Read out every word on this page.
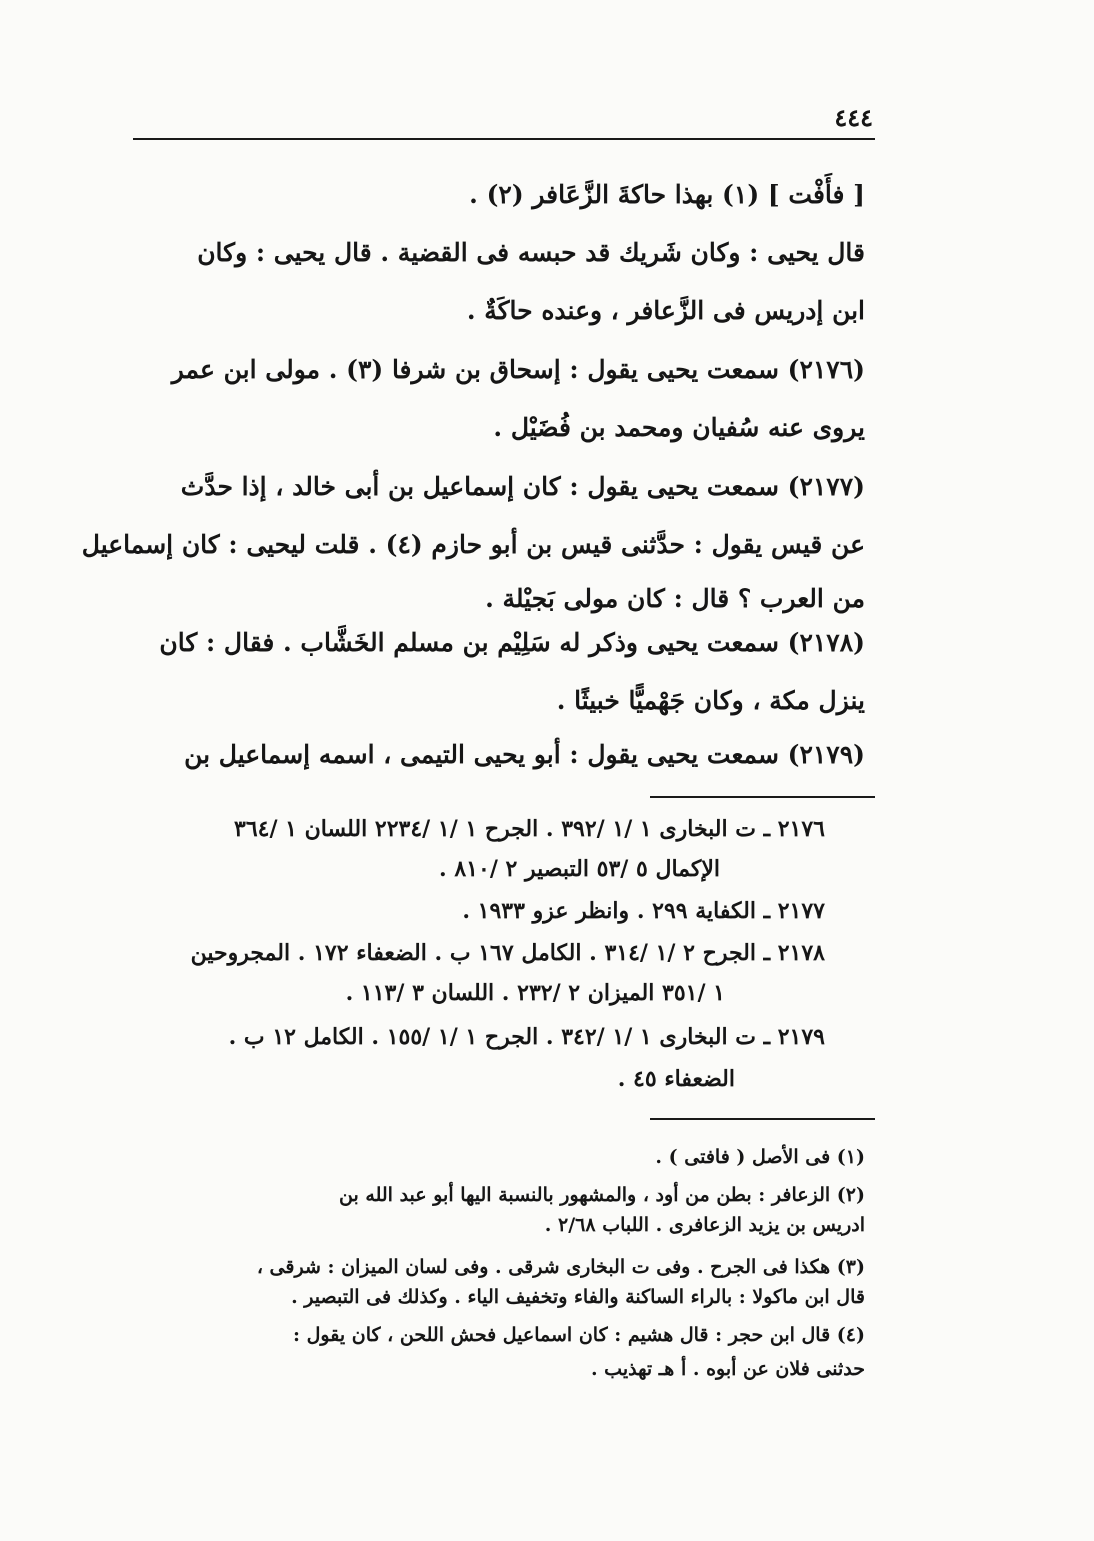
٤٤٤
[ فأَفْت ] (١) بهذا حاكةَ الزَّعَافر (٢) .
قال يحيى : وكان شَريك قد حبسه فى القضية . قال يحيى : وكان
ابن إدريس فى الزَّعافر ، وعنده حاكَةٌ .
(٢١٧٦) سمعت يحيى يقول : إسحاق بن شرفا (٣) . مولى ابن عمر
يروى عنه سُفيان ومحمد بن فُضَيْل .
(٢١٧٧) سمعت يحيى يقول : كان إسماعيل بن أبى خالد ، إذا حدَّث
عن قيس يقول : حدَّثنى قيس بن أبو حازم (٤) . قلت ليحيى : كان إسماعيل
من العرب ؟ قال : كان مولى بَجيْلة .
(٢١٧٨) سمعت يحيى وذكر له سَلِيْم بن مسلم الخَشَّاب . فقال : كان
ينزل مكة ، وكان جَهْميًّا خبيثًا .
(٢١٧٩) سمعت يحيى يقول : أبو يحيى التيمى ، اسمه إسماعيل بن
٢١٧٦ ـ ت البخارى ١ /١ /٣٩٢ . الجرح ١ /١ /٢٢٣٤ اللسان ١ /٣٦٤
الإكمال ٥ /٥٣ التبصير ٢ /٨١٠ .
٢١٧٧ ـ الكفاية ٢٩٩ . وانظر عزو ١٩٣٣ .
٢١٧٨ ـ الجرح ٢ /١ /٣١٤ . الكامل ١٦٧ ب . الضعفاء ١٧٢ . المجروحين
١ /٣٥١ الميزان ٢ /٢٣٢ . اللسان ٣ /١١٣ .
٢١٧٩ ـ ت البخارى ١ /١ /٣٤٢ . الجرح ١ /١ /١٥٥ . الكامل ١٢ ب .
الضعفاء ٤٥ .
(١) فى الأصل ( فافتى ) .
(٢) الزعافر : بطن من أود ، والمشهور بالنسبة اليها أبو عبد الله بن
ادريس بن يزيد الزعافرى . اللباب ٢/٦٨ .
(٣) هكذا فى الجرح . وفى ت البخارى شرقى . وفى لسان الميزان : شرقى ،
قال ابن ماكولا : بالراء الساكنة والفاء وتخفيف الياء . وكذلك فى التبصير .
(٤) قال ابن حجر : قال هشيم : كان اسماعيل فحش اللحن ، كان يقول :
حدثنى فلان عن أبوه . أ هـ تهذيب .
